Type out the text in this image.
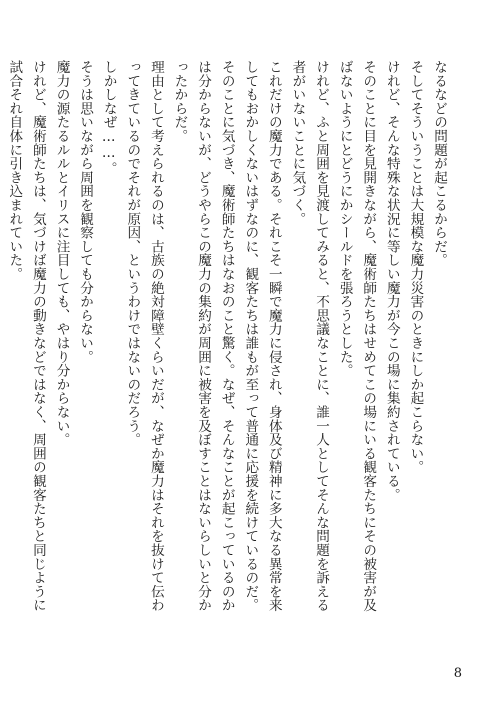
なるなどの問題が起こるからだ。

そしてそういうことは大規模な魔力災害のときにしか起こらない。

けれど、そんな特殊な状況に等しい魔力が今この場に集約されている。

そのことに目を見開きながら、魔術師たちはせめてこの場にいる観客たちにその被害が及ばないようにとどうにかシールドを張ろうとした。

けれど、ふと周囲を見渡してみると、不思議なことに、誰一人としてそんな問題を訴える者がいないことに気づく。

これだけの魔力である。それこそ一瞬で魔力に侵され、身体及び精神に多大なる異常を来してもおかしくないはずなのに、観客たちは誰もが至って普通に応援を続けているのだ。

そのことに気づき、魔術師たちはなおのこと驚く。なぜ、そんなことが起こっているのかは分からないが、どうやらこの魔力の集約が周囲に被害を及ぼすことはないらしいと分かったからだ。

理由として考えられるのは、古族の絶対障壁くらいだが、なぜか魔力はそれを抜けて伝わってきているのでそれが原因、というわけではないのだろう。

しかしなぜ……。

そうは思いながら周囲を観察しても分からない。

魔力の源たるルルとイリスに注目しても、やはり分からない。

けれど、魔術師たちは、気づけば魔力の動きなどではなく、周囲の観客たちと同じように試合それ自体に引き込まれていた。

8
